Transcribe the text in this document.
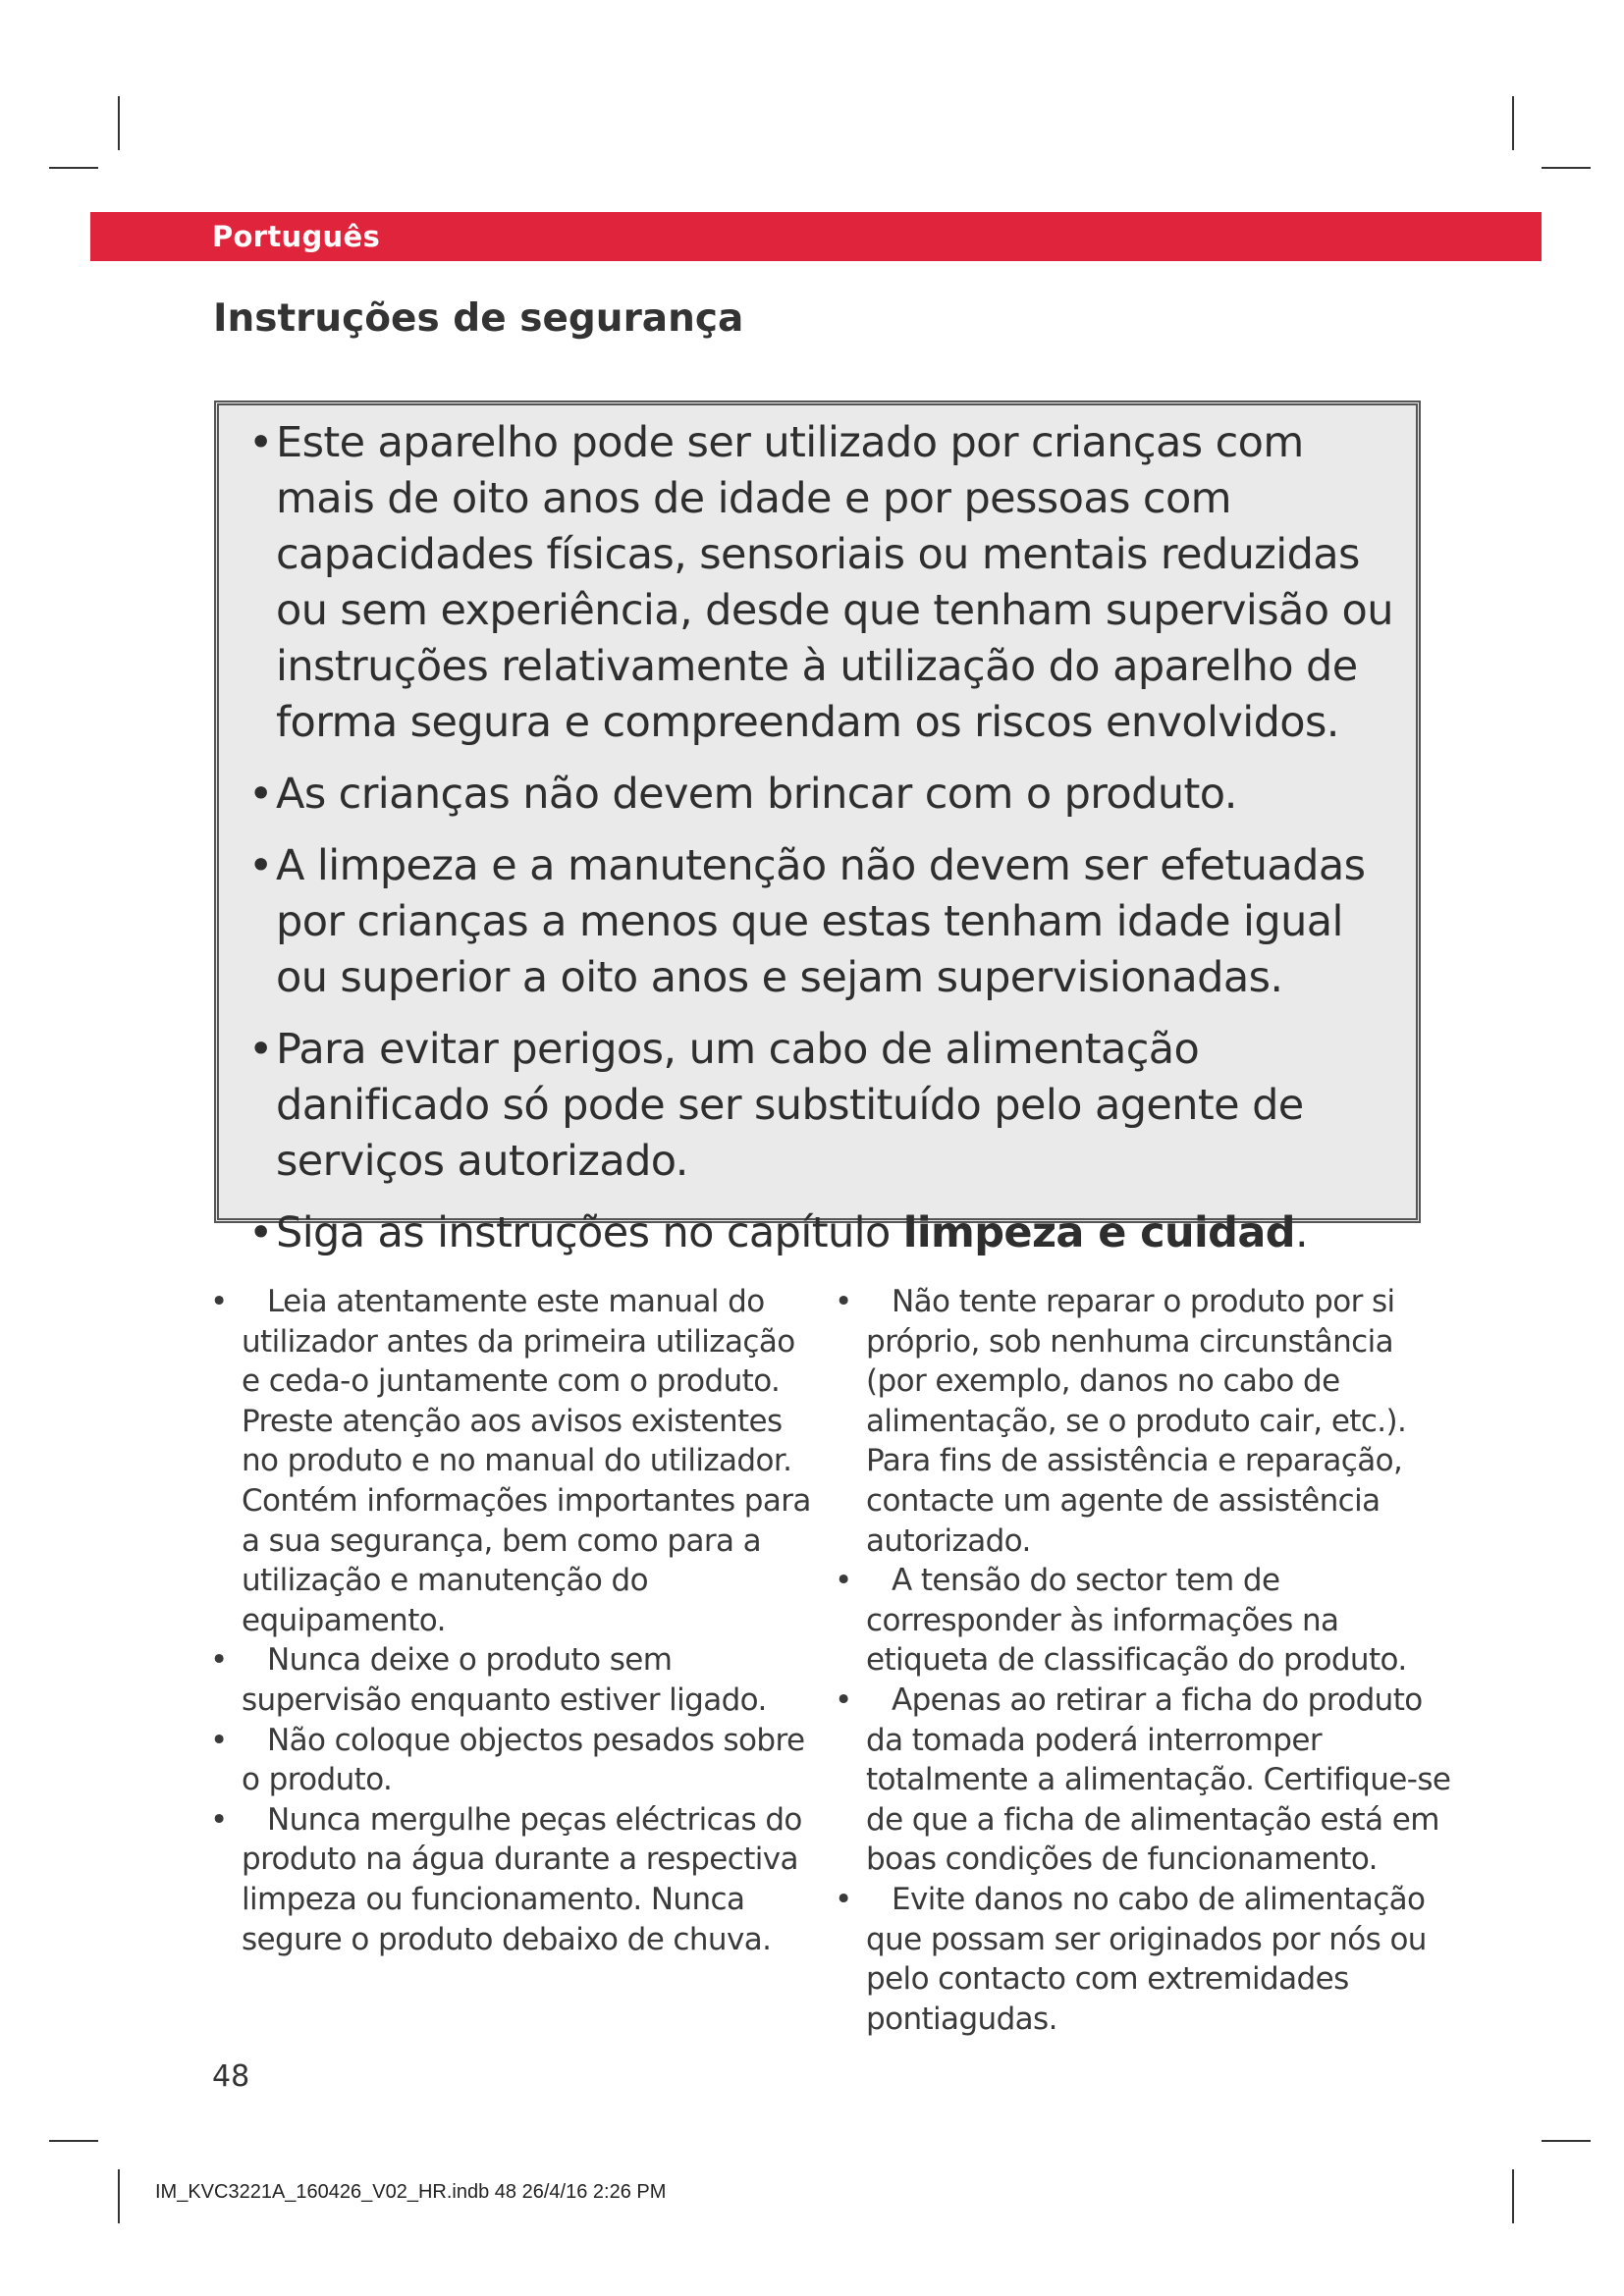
Português
Instruções de segurança
• Este aparelho pode ser utilizado por crianças com mais de oito anos de idade e por pessoas com capacidades físicas, sensoriais ou mentais reduzidas ou sem experiência, desde que tenham supervisão ou instruções relativamente à utilização do aparelho de forma segura e compreendam os riscos envolvidos.
• As crianças não devem brincar com o produto.
• A limpeza e a manutenção não devem ser efetuadas por crianças a menos que estas tenham idade igual ou superior a oito anos e sejam supervisionadas.
• Para evitar perigos, um cabo de alimentação danificado só pode ser substituído pelo agente de serviços autorizado.
• Siga as instruções no capítulo limpeza e cuidad.
• Leia atentamente este manual do utilizador antes da primeira utilização e ceda-o juntamente com o produto. Preste atenção aos avisos existentes no produto e no manual do utilizador. Contém informações importantes para a sua segurança, bem como para a utilização e manutenção do equipamento.
• Nunca deixe o produto sem supervisão enquanto estiver ligado.
• Não coloque objectos pesados sobre o produto.
• Nunca mergulhe peças eléctricas do produto na água durante a respectiva limpeza ou funcionamento. Nunca segure o produto debaixo de chuva.
• Não tente reparar o produto por si próprio, sob nenhuma circunstância (por exemplo, danos no cabo de alimentação, se o produto cair, etc.). Para fins de assistência e reparação, contacte um agente de assistência autorizado.
• A tensão do sector tem de corresponder às informações na etiqueta de classificação do produto.
• Apenas ao retirar a ficha do produto da tomada poderá interromper totalmente a alimentação. Certifique-se de que a ficha de alimentação está em boas condições de funcionamento.
• Evite danos no cabo de alimentação que possam ser originados por nós ou pelo contacto com extremidades pontiagudas.
48
IM_KVC3221A_160426_V02_HR.indb 48 26/4/16 2:26 PM
